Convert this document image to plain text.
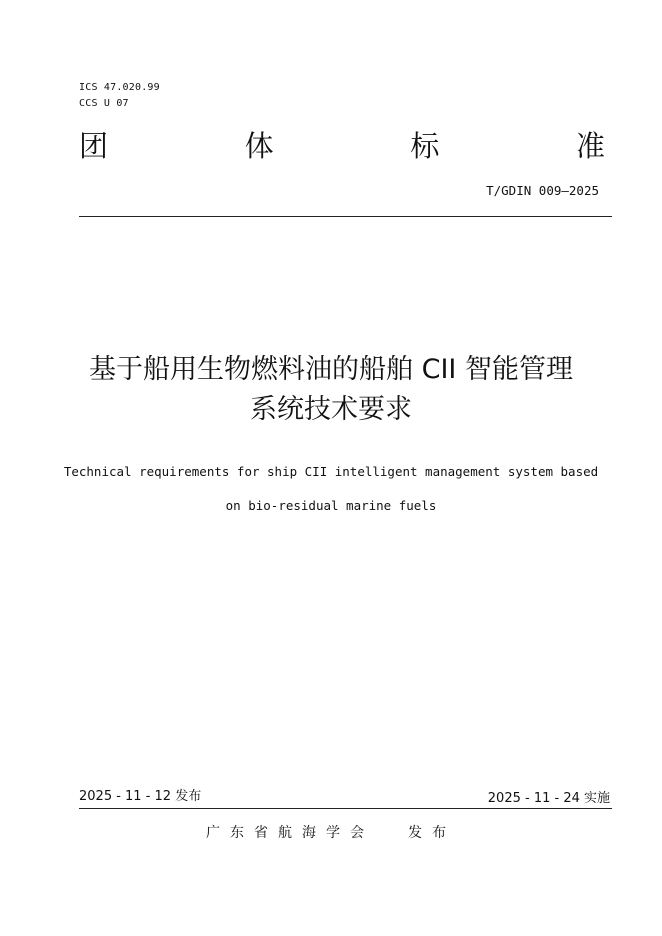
ICS 47.020.99
CCS U 07
团	体	标	准
T/GDIN 009—2025
基于船用生物燃料油的船舶 CII 智能管理
系统技术要求
Technical requirements for ship CII intelligent management system based
on bio-residual marine fuels
2025 - 11 - 12 发布	2025 - 11 - 24 实施
广东省航海学会 发布
